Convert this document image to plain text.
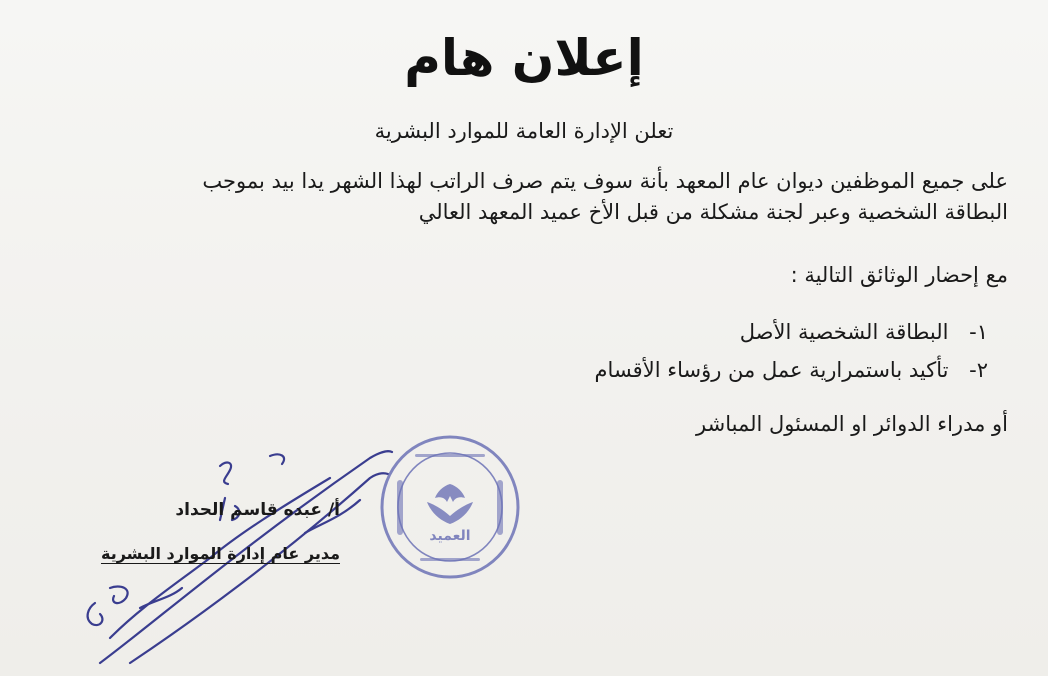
إعلان هام
تعلن الإدارة العامة للموارد البشرية

على جميع الموظفين ديوان عام المعهد بأنة سوف يتم صرف الراتب لهذا الشهر يدا بيد بموجب

البطاقة الشخصية وعبر لجنة مشكلة من قبل الأخ عميد المعهد العالي

مع إحضار الوثائق التالية :
١- البطاقة الشخصية الأصل
٢- تأكيد باستمرارية عمل من رؤساء الأقسام
أو مدراء الدوائر او المسئول المباشر
العميد
أ/ عبده قاسم الحداد
مدير عام إدارة الموارد البشرية
